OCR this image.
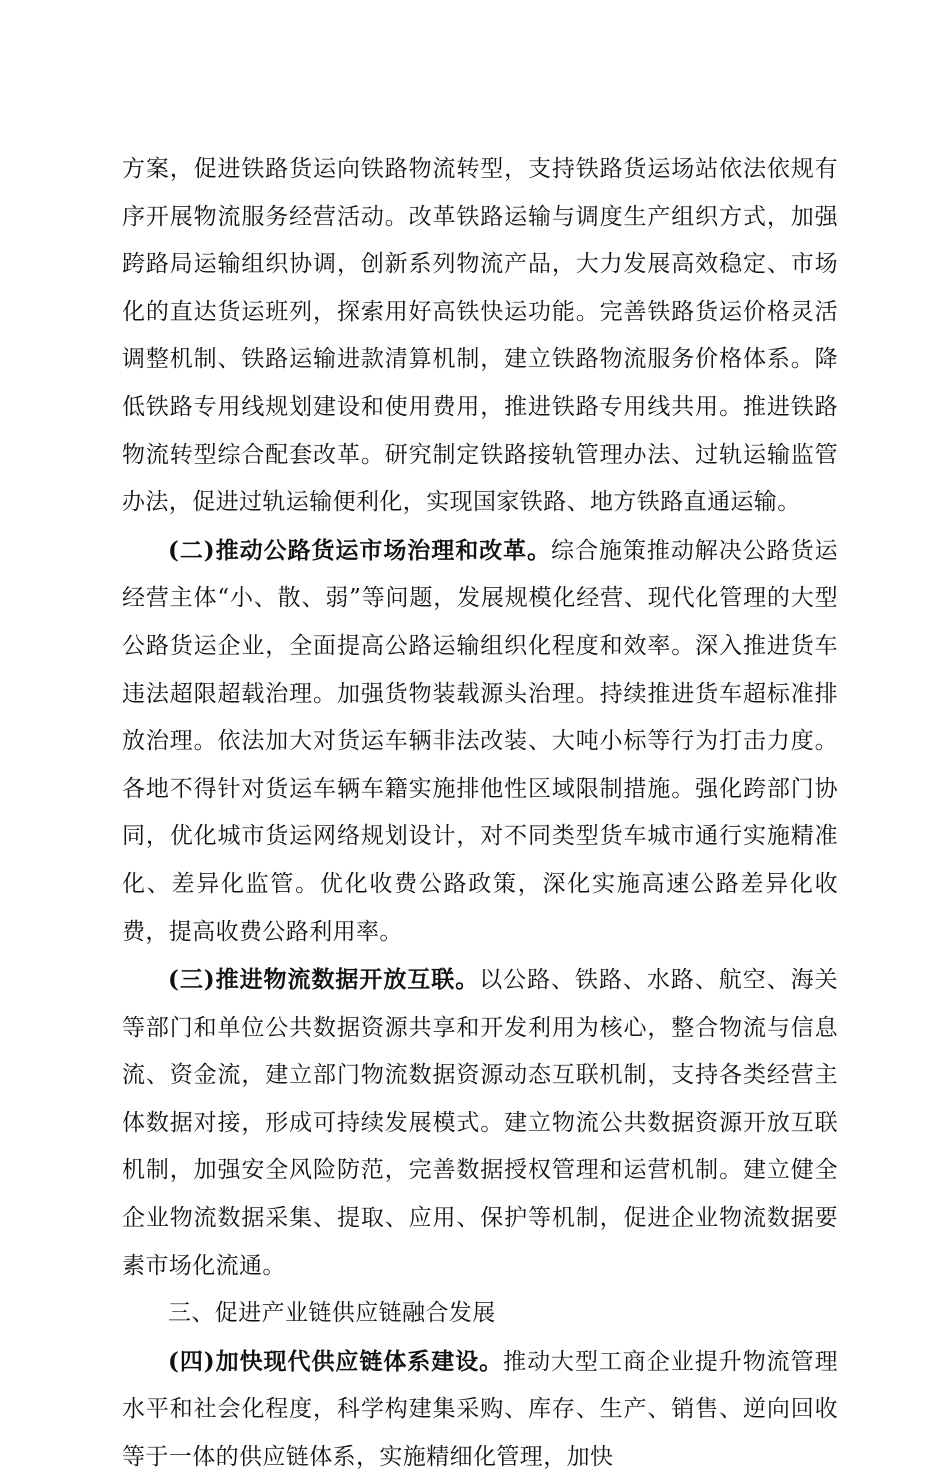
方案，促进铁路货运向铁路物流转型，支持铁路货运场站依法依规有序开展物流服务经营活动。改革铁路运输与调度生产组织方式，加强跨路局运输组织协调，创新系列物流产品，大力发展高效稳定、市场化的直达货运班列，探索用好高铁快运功能。完善铁路货运价格灵活调整机制、铁路运输进款清算机制，建立铁路物流服务价格体系。降低铁路专用线规划建设和使用费用，推进铁路专用线共用。推进铁路物流转型综合配套改革。研究制定铁路接轨管理办法、过轨运输监管办法，促进过轨运输便利化，实现国家铁路、地方铁路直通运输。

(二)推动公路货运市场治理和改革。综合施策推动解决公路货运经营主体“小、散、弱”等问题，发展规模化经营、现代化管理的大型公路货运企业，全面提高公路运输组织化程度和效率。深入推进货车违法超限超载治理。加强货物装载源头治理。持续推进货车超标准排放治理。依法加大对货运车辆非法改装、大吨小标等行为打击力度。各地不得针对货运车辆车籍实施排他性区域限制措施。强化跨部门协同，优化城市货运网络规划设计，对不同类型货车城市通行实施精准化、差异化监管。优化收费公路政策，深化实施高速公路差异化收费，提高收费公路利用率。

(三)推进物流数据开放互联。以公路、铁路、水路、航空、海关等部门和单位公共数据资源共享和开发利用为核心，整合物流与信息流、资金流，建立部门物流数据资源动态互联机制，支持各类经营主体数据对接，形成可持续发展模式。建立物流公共数据资源开放互联机制，加强安全风险防范，完善数据授权管理和运营机制。建立健全企业物流数据采集、提取、应用、保护等机制，促进企业物流数据要素市场化流通。

三、促进产业链供应链融合发展

(四)加快现代供应链体系建设。推动大型工商企业提升物流管理水平和社会化程度，科学构建集采购、库存、生产、销售、逆向回收等于一体的供应链体系，实施精细化管理，加快
